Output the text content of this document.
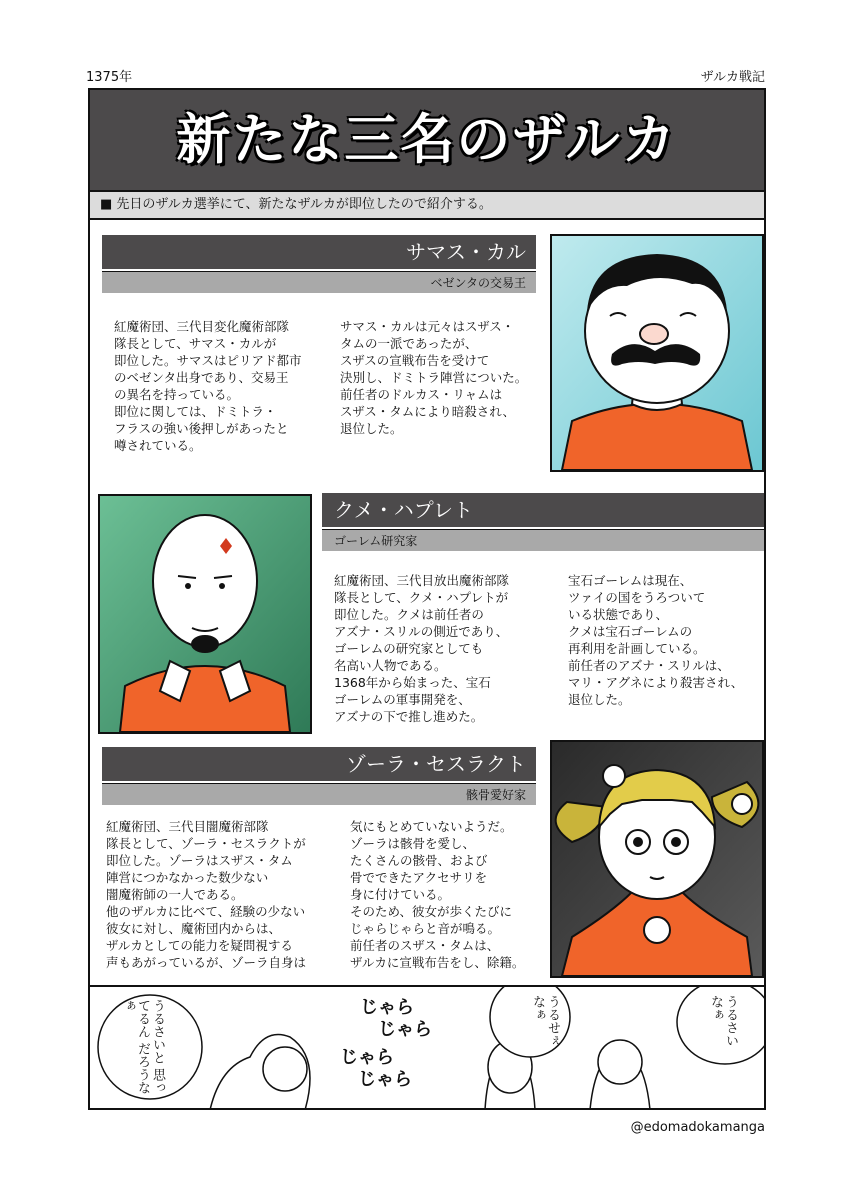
1375年	ザルカ戦記
新たな三名のザルカ
■ 先日のザルカ選挙にて、新たなザルカが即位したので紹介する。
サマス・カル
ベゼンタの交易王
紅魔術団、三代目変化魔術部隊
隊長として、サマス・カルが
即位した。サマスはピリアド都市
のベゼンタ出身であり、交易王
の異名を持っている。
即位に関しては、ドミトラ・
フラスの強い後押しがあったと
噂されている。
サマス・カルは元々はスザス・
タムの一派であったが、
スザスの宣戦布告を受けて
決別し、ドミトラ陣営についた。
前任者のドルカス・リャムは
スザス・タムにより暗殺され、
退位した。
クメ・ハプレト
ゴーレム研究家
紅魔術団、三代目放出魔術部隊
隊長として、クメ・ハプレトが
即位した。クメは前任者の
アズナ・スリルの側近であり、
ゴーレムの研究家としても
名高い人物である。
1368年から始まった、宝石
ゴーレムの軍事開発を、
アズナの下で推し進めた。
宝石ゴーレムは現在、
ツァイの国をうろついて
いる状態であり、
クメは宝石ゴーレムの
再利用を計画している。
前任者のアズナ・スリルは、
マリ・アグネにより殺害され、
退位した。
ゾーラ・セスラクト
骸骨愛好家
紅魔術団、三代目闇魔術部隊
隊長として、ゾーラ・セスラクトが
即位した。ゾーラはスザス・タム
陣営につかなかった数少ない
闇魔術師の一人である。
他のザルカに比べて、経験の少ない
彼女に対し、魔術団内からは、
ザルカとしての能力を疑問視する
声もあがっているが、ゾーラ自身は
気にもとめていないようだ。
ゾーラは骸骨を愛し、
たくさんの骸骨、および
骨でできたアクセサリを
身に付けている。
そのため、彼女が歩くたびに
じゃらじゃらと音が鳴る。
前任者のスザス・タムは、
ザルカに宣戦布告をし、除籍。
うるさいと 思ってるん だろうなぁ	じゃら
　じゃら
じゃら
　じゃら
うるせぇ なぁ	うるさい なぁ
@edomadokamanga
